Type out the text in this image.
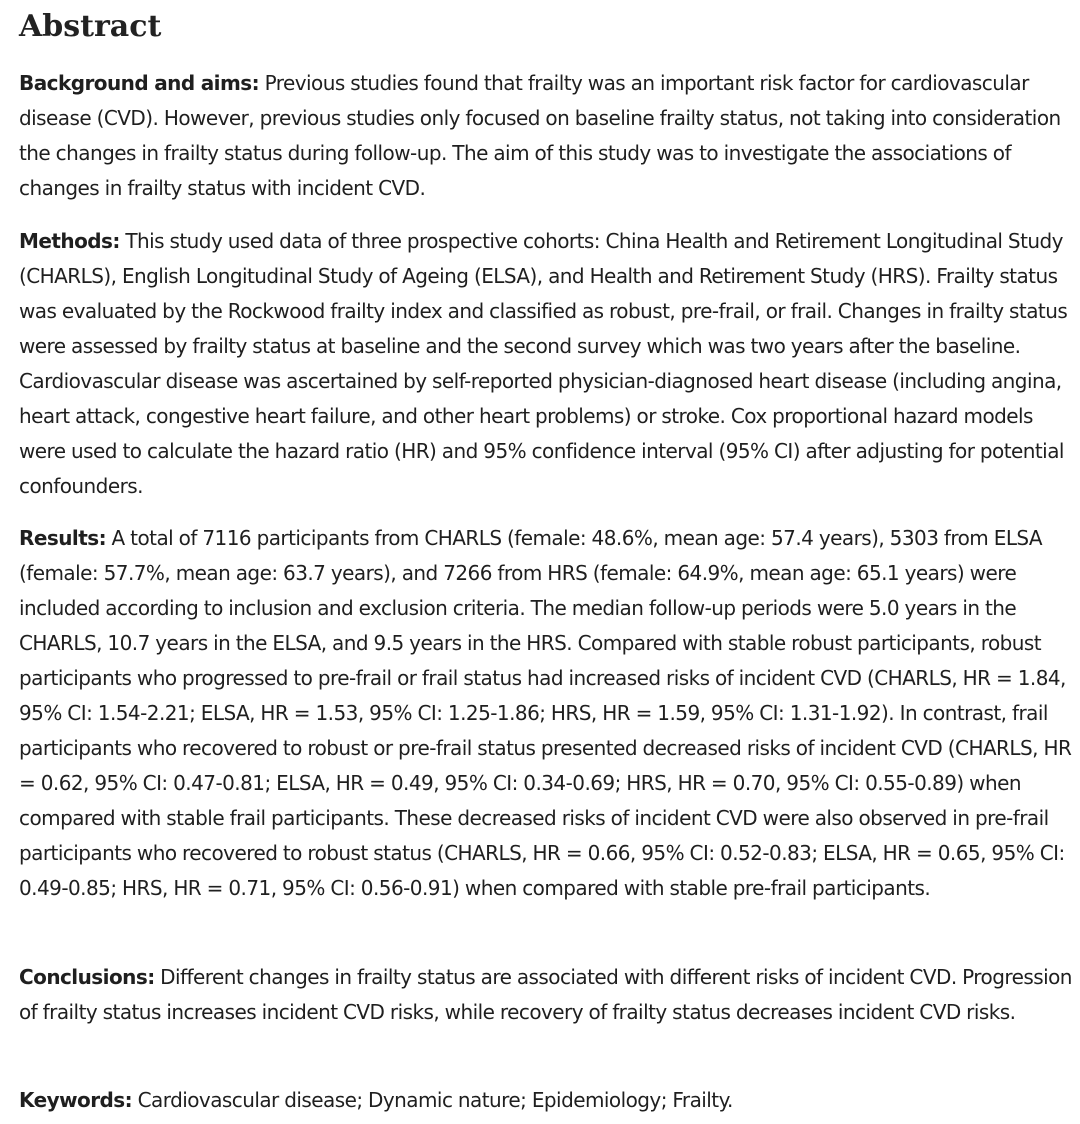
Abstract

Background and aims: Previous studies found that frailty was an important risk factor for cardiovascular disease (CVD). However, previous studies only focused on baseline frailty status, not taking into consideration the changes in frailty status during follow-up. The aim of this study was to investigate the associations of changes in frailty status with incident CVD.

Methods: This study used data of three prospective cohorts: China Health and Retirement Longitudinal Study (CHARLS), English Longitudinal Study of Ageing (ELSA), and Health and Retirement Study (HRS). Frailty status was evaluated by the Rockwood frailty index and classified as robust, pre-frail, or frail. Changes in frailty status were assessed by frailty status at baseline and the second survey which was two years after the baseline. Cardiovascular disease was ascertained by self-reported physician-diagnosed heart disease (including angina, heart attack, congestive heart failure, and other heart problems) or stroke. Cox proportional hazard models were used to calculate the hazard ratio (HR) and 95% confidence interval (95% CI) after adjusting for potential confounders.

Results: A total of 7116 participants from CHARLS (female: 48.6%, mean age: 57.4 years), 5303 from ELSA (female: 57.7%, mean age: 63.7 years), and 7266 from HRS (female: 64.9%, mean age: 65.1 years) were included according to inclusion and exclusion criteria. The median follow-up periods were 5.0 years in the CHARLS, 10.7 years in the ELSA, and 9.5 years in the HRS. Compared with stable robust participants, robust participants who progressed to pre-frail or frail status had increased risks of incident CVD (CHARLS, HR = 1.84, 95% CI: 1.54-2.21; ELSA, HR = 1.53, 95% CI: 1.25-1.86; HRS, HR = 1.59, 95% CI: 1.31-1.92). In contrast, frail participants who recovered to robust or pre-frail status presented decreased risks of incident CVD (CHARLS, HR = 0.62, 95% CI: 0.47-0.81; ELSA, HR = 0.49, 95% CI: 0.34-0.69; HRS, HR = 0.70, 95% CI: 0.55-0.89) when compared with stable frail participants. These decreased risks of incident CVD were also observed in pre-frail participants who recovered to robust status (CHARLS, HR = 0.66, 95% CI: 0.52-0.83; ELSA, HR = 0.65, 95% CI: 0.49-0.85; HRS, HR = 0.71, 95% CI: 0.56-0.91) when compared with stable pre-frail participants.

Conclusions: Different changes in frailty status are associated with different risks of incident CVD. Progression of frailty status increases incident CVD risks, while recovery of frailty status decreases incident CVD risks.

Keywords: Cardiovascular disease; Dynamic nature; Epidemiology; Frailty.
